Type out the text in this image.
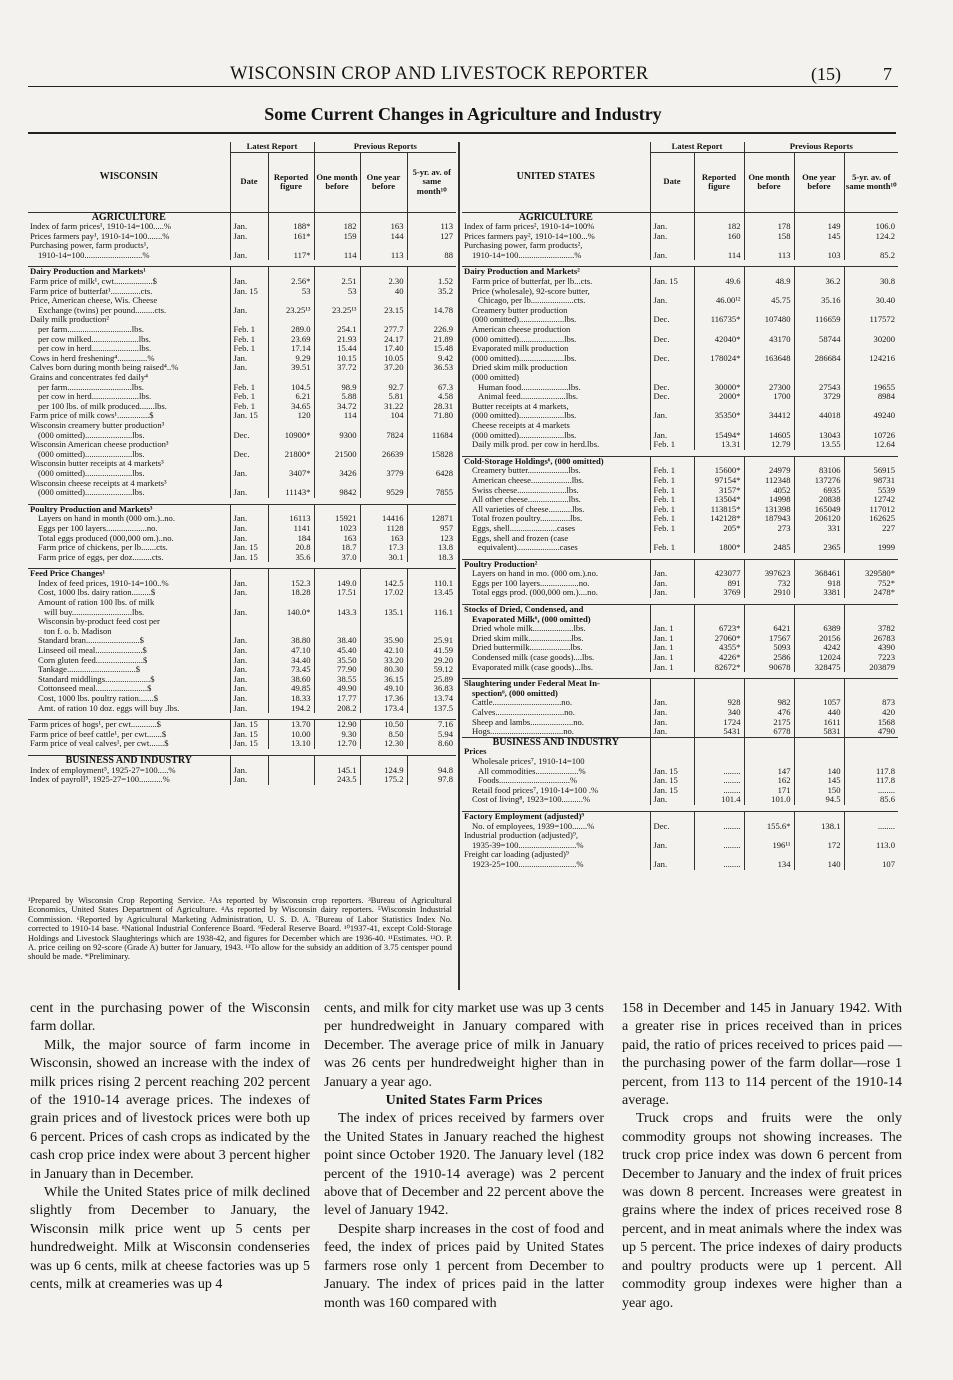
WISCONSIN CROP AND LIVESTOCK REPORTER	(15) 7
Some Current Changes in Agriculture and Industry
WISCONSIN	Latest Report		Previous Reports		
	Date	Reported figure	One month before	One year before	5-yr. av. of same month¹⁰
AGRICULTURE					
Index of farm prices¹, 1910-14=100.....%	Jan.	188*	182	163	113
Prices farmers pay¹, 1910-14=100.......%	Jan.	161*	159	144	127
Purchasing power, farm products¹,					
1910-14=100...........................%	Jan.	117*	114	113	88

Dairy Production and Markets¹					
Farm price of milk¹, cwt..................$	Jan.	2.56*	2.51	2.30	1.52
Farm price of butterfat¹..............cts.	Jan. 15	53	53	40	35.2
Price, American cheese, Wis. Cheese					
Exchange (twins) per pound.........cts.	Jan.	23.25¹³	23.25¹³	23.15	14.78
Daily milk production²					
per farm..............................lbs.	Feb. 1	289.0	254.1	277.7	226.9
per cow milked......................lbs.	Feb. 1	23.69	21.93	24.17	21.89
per cow in herd......................lbs.	Feb. 1	17.14	15.44	17.40	15.48
Cows in herd freshening⁴..............%	Jan.	9.29	10.15	10.05	9.42
Calves born during month being raised⁴..%	Jan.	39.51	37.72	37.20	36.53
Grains and concentrates fed daily⁴					
per farm..............................lbs.	Feb. 1	104.5	98.9	92.7	67.3
per cow in herd......................lbs.	Feb. 1	6.21	5.88	5.81	4.58
per 100 lbs. of milk produced.......lbs.	Feb. 1	34.65	34.72	31.22	28.31
Farm price of milk cows¹...............$	Jan. 15	120	114	104	71.80
Wisconsin creamery butter production³					
(000 omitted)......................lbs.	Dec.	10900*	9300	7824	11684
Wisconsin American cheese production³					
(000 omitted)......................lbs.	Dec.	21800*	21500	26639	15828
Wisconsin butter receipts at 4 markets³					
(000 omitted)......................lbs.	Jan.	3407*	3426	3779	6428
Wisconsin cheese receipts at 4 markets³					
(000 omitted)......................lbs.	Jan.	11143*	9842	9529	7855

Poultry Production and Markets³					
Layers on hand in month (000 om.)..no.	Jan.	16113	15921	14416	12871
Eggs per 100 layers...................no.	Jan.	1141	1023	1128	957
Total eggs produced (000,000 om.)..no.	Jan.	184	163	163	123
Farm price of chickens, per lb.......cts.	Jan. 15	20.8	18.7	17.3	13.8
Farm price of eggs, per doz.........cts.	Jan. 15	35.6	37.0	30.1	18.3

Feed Price Changes¹					
Index of feed prices, 1910-14=100..%	Jan.	152.3	149.0	142.5	110.1
Cost, 1000 lbs. dairy ration.........$	Jan.	18.28	17.51	17.02	13.45
Amount of ration 100 lbs. of milk					
will buy............................lbs.	Jan.	140.0*	143.3	135.1	116.1
Wisconsin by-product feed cost per					
ton f. o. b. Madison					
Standard bran.........................$	Jan.	38.80	38.40	35.90	25.91
Linseed oil meal......................$	Jan.	47.10	45.40	42.10	41.59
Corn gluten feed......................$	Jan.	34.40	35.50	33.20	29.20
Tankage................................$	Jan.	73.45	77.90	80.30	59.12
Standard middlings.....................$	Jan.	38.60	38.55	36.15	25.89
Cottonseed meal........................$	Jan.	49.85	49.90	49.10	36.83
Cost, 1000 lbs. poultry ration.......$	Jan.	18.33	17.77	17.36	13.74
Amt. of ration 10 doz. eggs will buy .lbs.	Jan.	194.2	208.2	173.4	137.5

Farm prices of hogs¹, per cwt............$	Jan. 15	13.70	12.90	10.50	7.16
Farm price of beef cattle¹, per cwt.......$	Jan. 15	10.00	9.30	8.50	5.94
Farm price of veal calves¹, per cwt.......$	Jan. 15	13.10	12.70	12.30	8.60

BUSINESS AND INDUSTRY					
Index of employment⁵, 1925-27=100.....%	Jan.		145.1	124.9	94.8
Index of payroll⁵, 1925-27=100...........%	Jan.		243.5	175.2	97.8
UNITED STATES	Latest Report		Previous Reports		
	Date	Reported figure	One month before	One year before	5-yr. av. of same month¹⁰
AGRICULTURE					
Index of farm prices², 1910-14=100%	Jan.	182	178	149	106.0
Prices farmers pay², 1910-14=100...%	Jan.	160	158	145	124.2
Purchasing power, farm products²,					
1910-14=100..........................%	Jan.	114	113	103	85.2

Dairy Production and Markets²					
Farm price of butterfat, per lb...cts.	Jan. 15	49.6	48.9	36.2	30.8
Price (wholesale), 92-score butter,					
Chicago, per lb....................cts.	Jan.	46.00¹²	45.75	35.16	30.40
Creamery butter production					
(000 omitted).....................lbs.	Dec.	116735*	107480	116659	117572
American cheese production					
(000 omitted).....................lbs.	Dec.	42040*	43170	58744	30200
Evaporated milk production					
(000 omitted).....................lbs.	Dec.	178024*	163648	286684	124216
Dried skim milk production					
(000 omitted)					
Human food......................lbs.	Dec.	30000*	27300	27543	19655
Animal feed.....................lbs.	Dec.	2000*	1700	3729	8984
Butter receipts at 4 markets,					
(000 omitted).....................lbs.	Jan.	35350*	34412	44018	49240
Cheese receipts at 4 markets					
(000 omitted).....................lbs.	Jan.	15494*	14605	13043	10726
Daily milk prod. per cow in herd.lbs.	Feb. 1	13.31	12.79	13.55	12.64

Cold-Storage Holdings⁶, (000 omitted)					
Creamery butter...................lbs.	Feb. 1	15600*	24979	83106	56915
American cheese...................lbs.	Feb. 1	97154*	112348	137276	98731
Swiss cheese.......................lbs.	Feb. 1	3157*	4052	6935	5539
All other cheese...................lbs.	Feb. 1	13504*	14998	20838	12742
All varieties of cheese...........lbs.	Feb. 1	113815*	131398	165049	117012
Total frozen poultry..............lbs.	Feb. 1	142128*	187943	206120	162625
Eggs, shell......................cases	Feb. 1	205*	273	331	227
Eggs, shell and frozen (case					
equivalent)....................cases	Feb. 1	1800*	2485	2365	1999

Poultry Production²					
Layers on hand in mo. (000 om.).no.	Jan.	423077	397623	368461	329580*
Eggs per 100 layers..................no.	Jan.	891	732	918	752*
Total eggs prod. (000,000 om.)....no.	Jan.	3769	2910	3381	2478*

Stocks of Dried, Condensed, and					
Evaporated Milk⁶, (000 omitted)					
Dried whole milk...................lbs.	Jan. 1	6723*	6421	6389	3782
Dried skim milk....................lbs.	Jan. 1	27060*	17567	20156	26783
Dried buttermilk...................lbs.	Jan. 1	4355*	5093	4242	4390
Condensed milk (case goods)....lbs.	Jan. 1	4226*	2586	12024	7223
Evaporated milk (case goods)...lbs.	Jan. 1	82672*	90678	328475	203879

Slaughtering under Federal Meat In-					
spection⁶, (000 omitted)					
Cattle................................no.	Jan.	928	982	1057	873
Calves................................no.	Jan.	340	476	440	420
Sheep and lambs....................no.	Jan.	1724	2175	1611	1568
Hogs..................................no.	Jan.	5431	6778	5831	4790
BUSINESS AND INDUSTRY					
Prices					
Wholesale prices⁷, 1910-14=100					
All commodities....................%	Jan. 15	........	147	140	117.8
Foods.................................%	Jan. 15	........	162	145	117.8
Retail food prices⁷, 1910-14=100 .%	Jan. 15	........	171	150	........
Cost of living⁸, 1923=100..........%	Jan.	101.4	101.0	94.5	85.6

Factory Employment (adjusted)⁹					
No. of employees, 1939=100.......%	Dec.	........	155.6*	138.1	........
Industrial production (adjusted)⁹,					
1935-39=100...........................%	Jan.	........	196¹¹	172	113.0
Freight car loading (adjusted)⁹					
1923-25=100...........................%	Jan.	........	134	140	107
¹Prepared by Wisconsin Crop Reporting Service. ²As reported by Wisconsin crop reporters. ³Bureau of Agricultural Economics, United States Department of Agriculture. ⁴As reported by Wisconsin dairy reporters. ⁵Wisconsin Industrial Commission. ⁶Reported by Agricultural Marketing Administration, U. S. D. A. ⁷Bureau of Labor Statistics Index No. corrected to 1910-14 base. ⁸National Industrial Conference Board. ⁹Federal Reserve Board. ¹⁰1937-41, except Cold-Storage Holdings and Livestock Slaughterings which are 1938-42, and figures for December which are 1936-40. ¹¹Estimates. ¹²O. P. A. price ceiling on 92-score (Grade A) butter for January, 1943. ¹³To allow for the subsidy an addition of 3.75 centsper pound should be made. *Preliminary.

cent in the purchasing power of the Wisconsin farm dollar.

Milk, the major source of farm income in Wisconsin, showed an increase with the index of milk prices rising 2 percent reaching 202 percent of the 1910-14 average prices. The indexes of grain prices and of livestock prices were both up 6 percent. Prices of cash crops as indicated by the cash crop price index were about 3 percent higher in January than in December.

While the United States price of milk declined slightly from December to January, the Wisconsin milk price went up 5 cents per hundredweight. Milk at Wisconsin condenseries was up 6 cents, milk at cheese factories was up 5 cents, milk at creameries was up 4

cents, and milk for city market use was up 3 cents per hundredweight in January compared with December. The average price of milk in January was 26 cents per hundredweight higher than in January a year ago.

United States Farm Prices

The index of prices received by farmers over the United States in January reached the highest point since October 1920. The January level (182 percent of the 1910-14 average) was 2 percent above that of December and 22 percent above the level of January 1942.

Despite sharp increases in the cost of food and feed, the index of prices paid by United States farmers rose only 1 percent from December to January. The index of prices paid in the latter month was 160 compared with

158 in December and 145 in January 1942. With a greater rise in prices received than in prices paid, the ratio of prices received to prices paid — the purchasing power of the farm dollar—rose 1 percent, from 113 to 114 percent of the 1910-14 average.

Truck crops and fruits were the only commodity groups not showing increases. The truck crop price index was down 6 percent from December to January and the index of fruit prices was down 8 percent. Increases were greatest in grains where the index of prices received rose 8 percent, and in meat animals where the index was up 5 percent. The price indexes of dairy products and poultry products were up 1 percent. All commodity group indexes were higher than a year ago.
